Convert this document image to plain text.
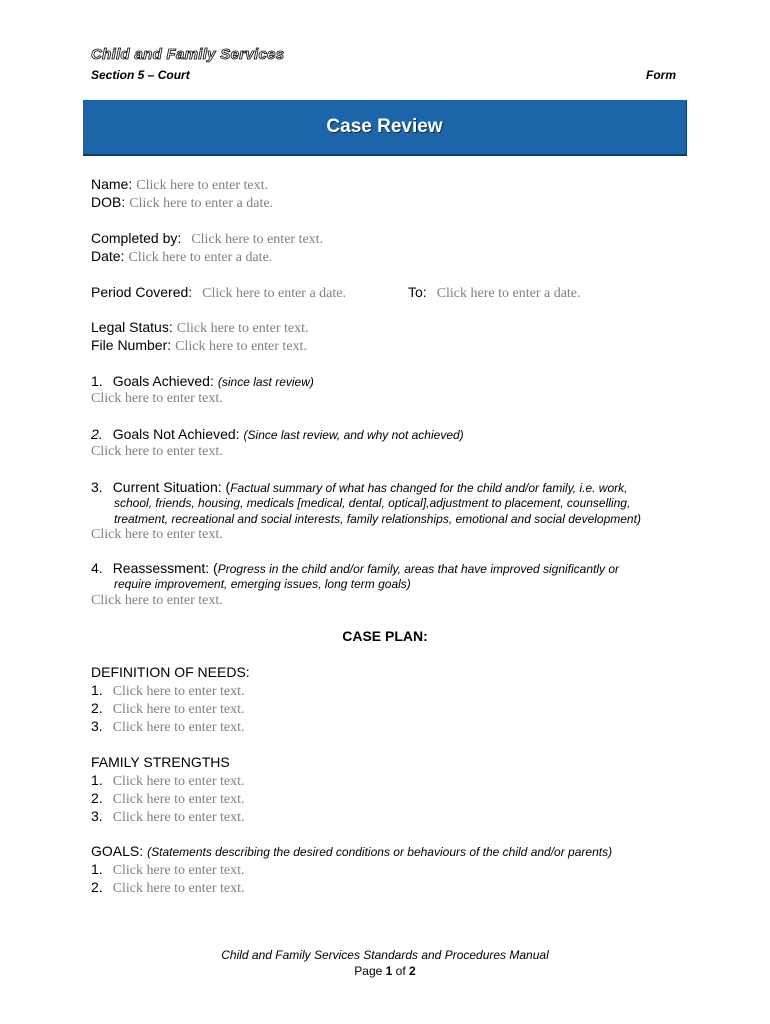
Child and Family Services
Section 5 – Court	Form
Case Review
Name: Click here to enter text.
DOB: Click here to enter a date.
Completed by: Click here to enter text.
Date: Click here to enter a date.
Period Covered: Click here to enter a date.	To: Click here to enter a date.
Legal Status: Click here to enter text.
File Number: Click here to enter text.
1. Goals Achieved: (since last review)
Click here to enter text.
2. Goals Not Achieved: (Since last review, and why not achieved)
Click here to enter text.
3. Current Situation: (Factual summary of what has changed for the child and/or family, i.e. work,
school, friends, housing, medicals [medical, dental, optical],adjustment to placement, counselling,
treatment, recreational and social interests, family relationships, emotional and social development)
Click here to enter text.
4. Reassessment: (Progress in the child and/or family, areas that have improved significantly or
require improvement, emerging issues, long term goals)
Click here to enter text.
CASE PLAN:
DEFINITION OF NEEDS:
1. Click here to enter text.
2. Click here to enter text.
3. Click here to enter text.
FAMILY STRENGTHS
1. Click here to enter text.
2. Click here to enter text.
3. Click here to enter text.
GOALS: (Statements describing the desired conditions or behaviours of the child and/or parents)
1. Click here to enter text.
2. Click here to enter text.
Child and Family Services Standards and Procedures Manual
Page 1 of 2
